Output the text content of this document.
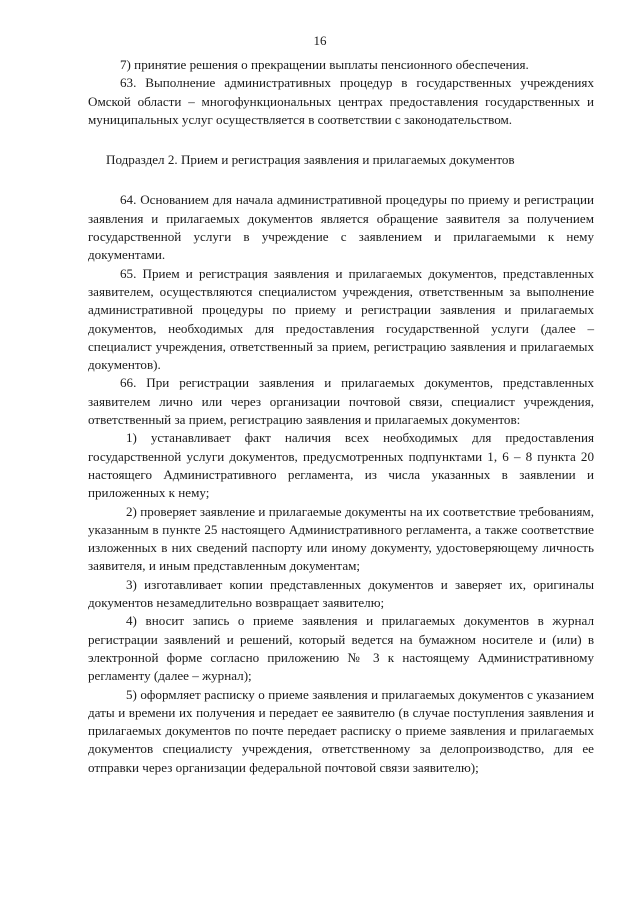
16

7) принятие решения о прекращении выплаты пенсионного обеспечения.

63. Выполнение административных процедур в государственных учреждениях Омской области – многофункциональных центрах предоставления государственных и муниципальных услуг осуществляется в соответствии с законодательством.

Подраздел 2. Прием и регистрация заявления и прилагаемых документов

64. Основанием для начала административной процедуры по приему и регистрации заявления и прилагаемых документов является обращение заявителя за получением государственной услуги в учреждение с заявлением и прилагаемыми к нему документами.

65. Прием и регистрация заявления и прилагаемых документов, представленных заявителем, осуществляются специалистом учреждения, ответственным за выполнение административной процедуры по приему и регистрации заявления и прилагаемых документов, необходимых для предоставления государственной услуги (далее – специалист учреждения, ответственный за прием, регистрацию заявления и прилагаемых документов).

66. При регистрации заявления и прилагаемых документов, представленных заявителем лично или через организации почтовой связи, специалист учреждения, ответственный за прием, регистрацию заявления и прилагаемых документов:

1) устанавливает факт наличия всех необходимых для предоставления государственной услуги документов, предусмотренных подпунктами 1, 6 – 8 пункта 20 настоящего Административного регламента, из числа указанных в заявлении и приложенных к нему;

2) проверяет заявление и прилагаемые документы на их соответствие требованиям, указанным в пункте 25 настоящего Административного регламента, а также соответствие изложенных в них сведений паспорту или иному документу, удостоверяющему личность заявителя, и иным представленным документам;

3) изготавливает копии представленных документов и заверяет их, оригиналы документов незамедлительно возвращает заявителю;

4) вносит запись о приеме заявления и прилагаемых документов в журнал регистрации заявлений и решений, который ведется на бумажном носителе и (или) в электронной форме согласно приложению № 3 к настоящему Административному регламенту (далее – журнал);

5) оформляет расписку о приеме заявления и прилагаемых документов с указанием даты и времени их получения и передает ее заявителю (в случае поступления заявления и прилагаемых документов по почте передает расписку о приеме заявления и прилагаемых документов специалисту учреждения, ответственному за делопроизводство, для ее отправки через организации федеральной почтовой связи заявителю);
